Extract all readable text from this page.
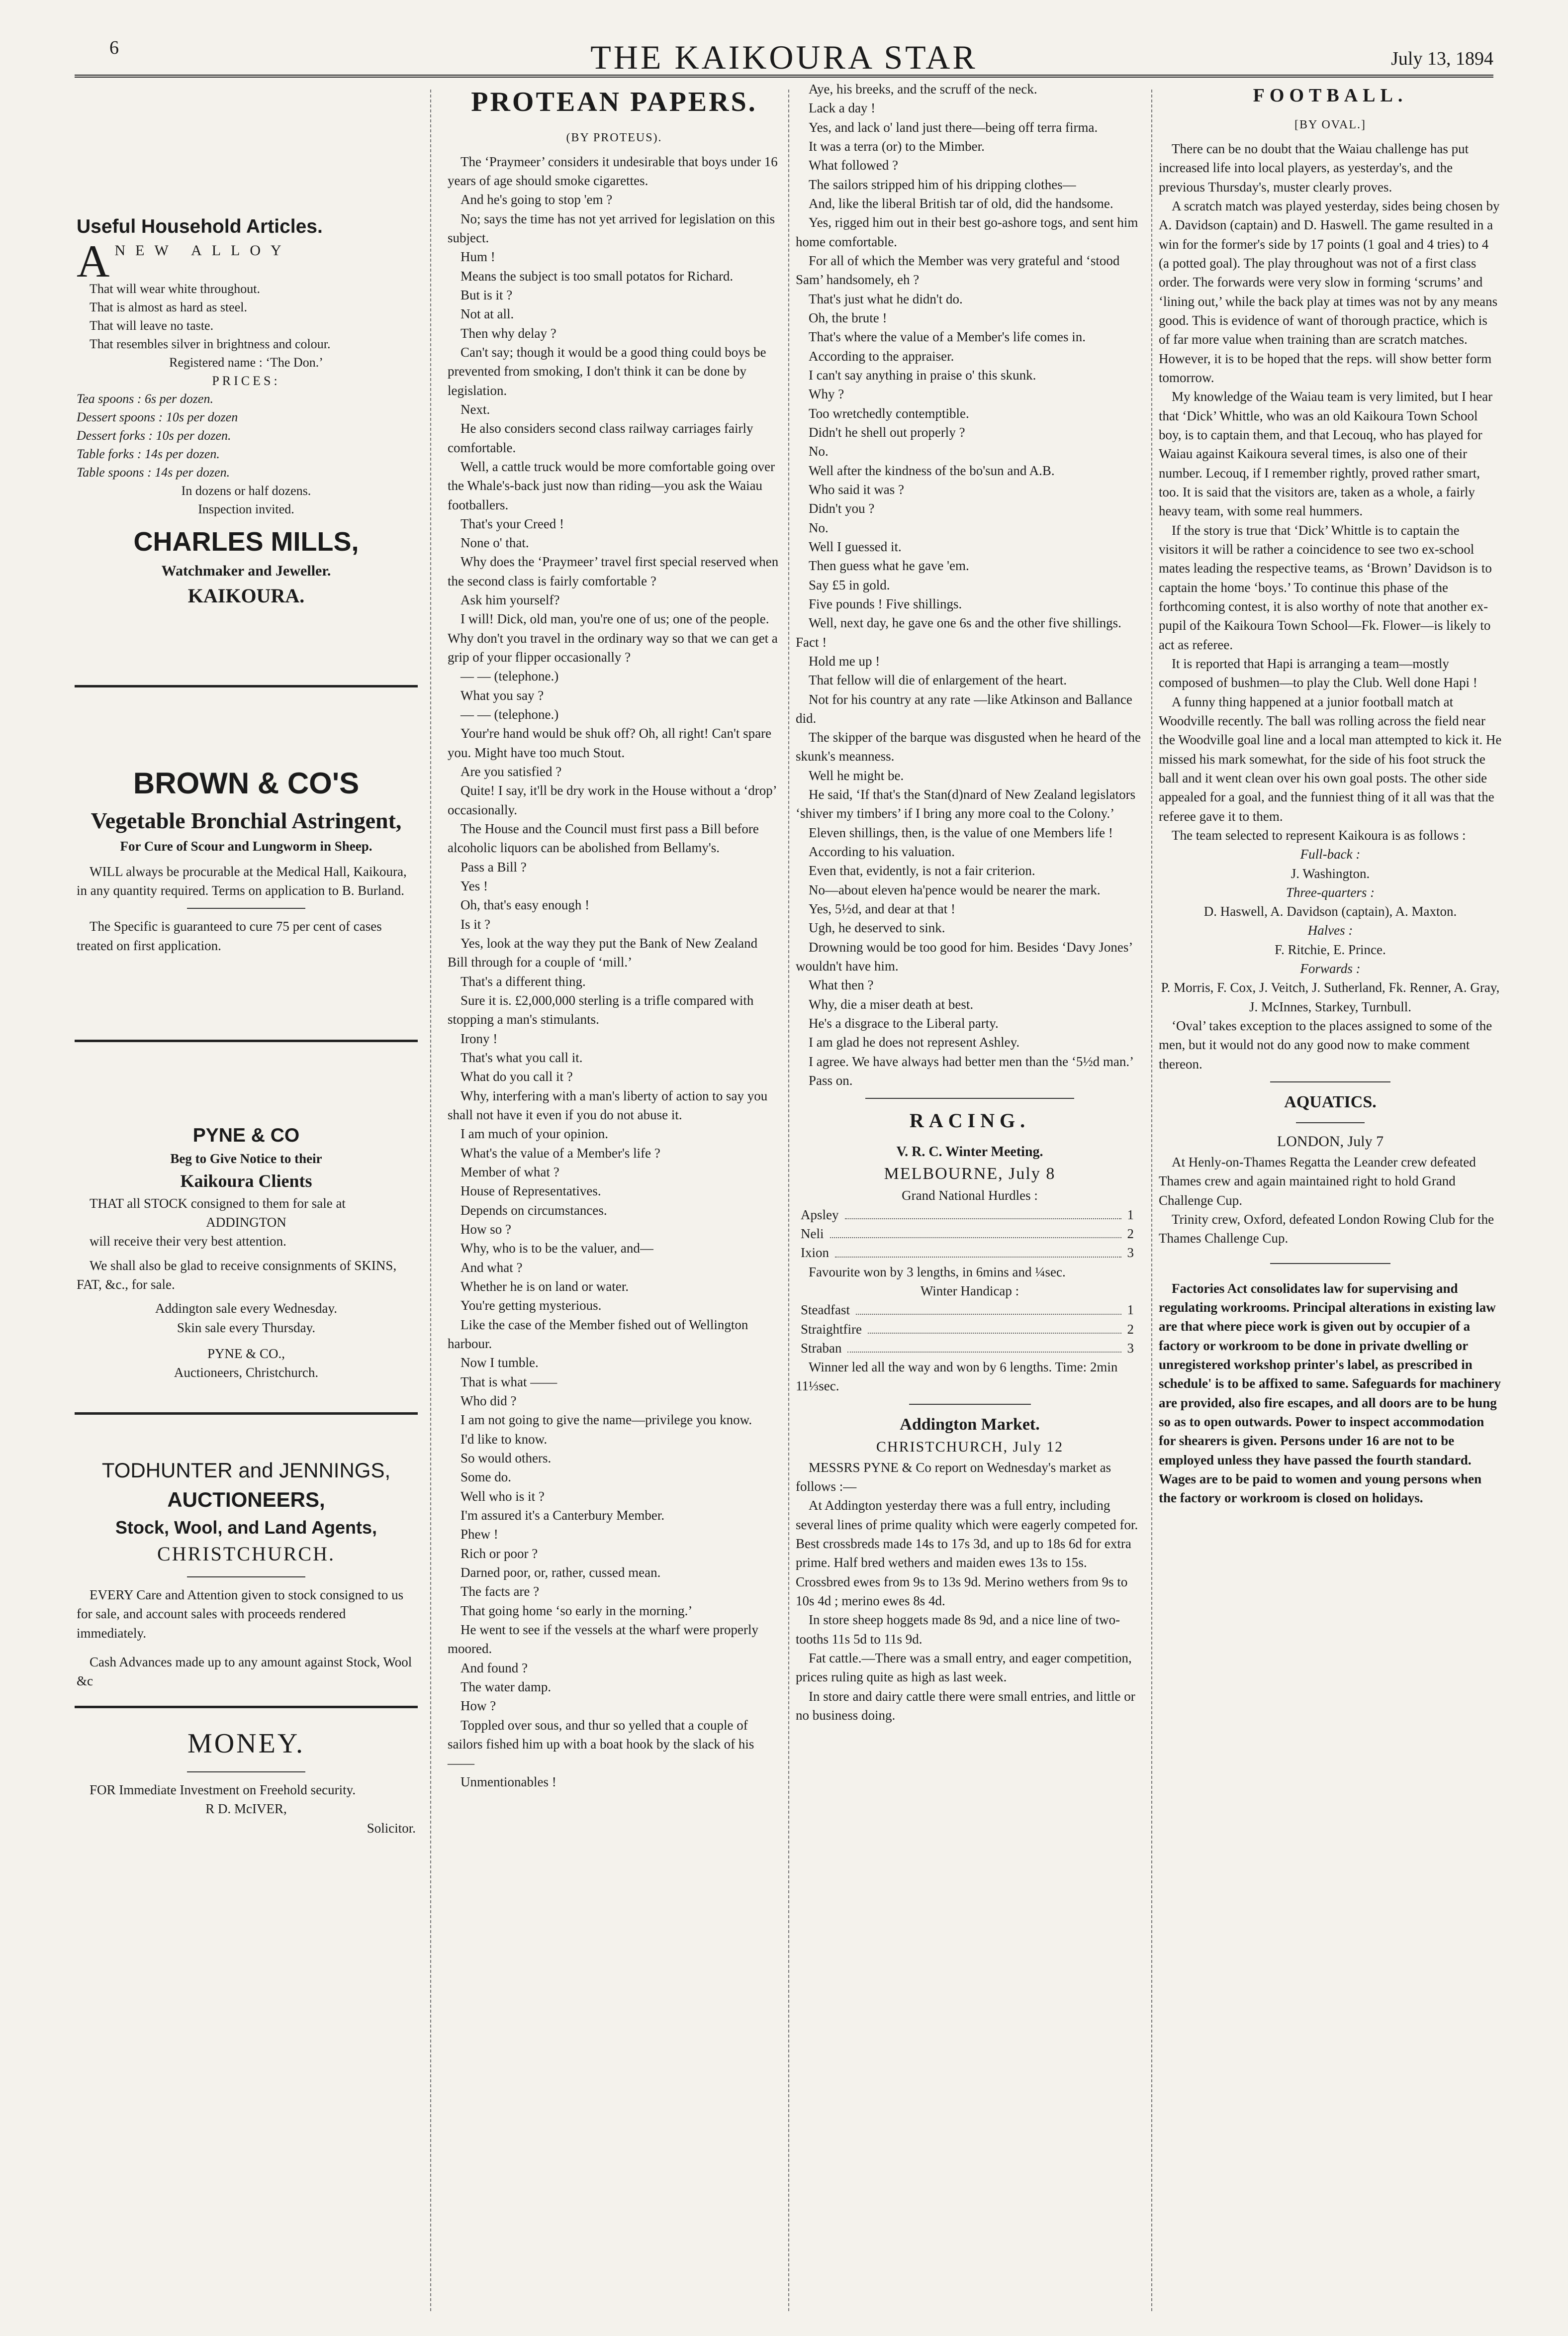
6	THE KAIKOURA STAR	July 13, 1894
Useful Household Articles.

ANEW ALLOY

That will wear white throughout.

That is almost as hard as steel.

That will leave no taste.

That resembles silver in brightness and colour.

Registered name : ‘The Don.’

PRICES:

Tea spoons : 6s per dozen.

Dessert spoons : 10s per dozen

Dessert forks : 10s per dozen.

Table forks : 14s per dozen.

Table spoons : 14s per dozen.

In dozens or half dozens.

Inspection invited.

CHARLES MILLS,
Watchmaker and Jeweller.
KAIKOURA.
BROWN & CO'S
Vegetable Bronchial Astringent,
For Cure of Scour and Lungworm in Sheep.

WILL always be procurable at the Medical Hall, Kaikoura, in any quantity required. Terms on application to B. Burland.

The Specific is guaranteed to cure 75 per cent of cases treated on first application.

PYNE & CO
Beg to Give Notice to their
Kaikoura Clients

THAT all STOCK consigned to them for sale at

ADDINGTON

will receive their very best attention.

We shall also be glad to receive consignments of SKINS, FAT, &c., for sale.

Addington sale every Wednesday.

Skin sale every Thursday.

PYNE & CO.,

Auctioneers, Christchurch.

TODHUNTER and JENNINGS,
AUCTIONEERS,
Stock, Wool, and Land Agents,
CHRISTCHURCH.

EVERY Care and Attention given to stock consigned to us for sale, and account sales with proceeds rendered immediately.

Cash Advances made up to any amount against Stock, Wool &c

MONEY.

FOR Immediate Investment on Freehold security.

R D. McIVER,

Solicitor.

PROTEAN PAPERS.
(BY PROTEUS).

The ‘Praymeer’ considers it undesirable that boys under 16 years of age should smoke cigarettes.

And he's going to stop 'em ?

No; says the time has not yet arrived for legislation on this subject.

Hum !

Means the subject is too small potatos for Richard.

But is it ?

Not at all.

Then why delay ?

Can't say; though it would be a good thing could boys be prevented from smoking, I don't think it can be done by legislation.

Next.

He also considers second class railway carriages fairly comfortable.

Well, a cattle truck would be more comfortable going over the Whale's-back just now than riding—you ask the Waiau footballers.

That's your Creed !

None o' that.

Why does the ‘Praymeer’ travel first special reserved when the second class is fairly comfortable ?

Ask him yourself?

I will! Dick, old man, you're one of us; one of the people. Why don't you travel in the ordinary way so that we can get a grip of your flipper occasionally ?

— — (telephone.)

What you say ?

— — (telephone.)

Your're hand would be shuk off? Oh, all right! Can't spare you. Might have too much Stout.

Are you satisfied ?

Quite! I say, it'll be dry work in the House without a ‘drop’ occasionally.

The House and the Council must first pass a Bill before alcoholic liquors can be abolished from Bellamy's.

Pass a Bill ?

Yes !

Oh, that's easy enough !

Is it ?

Yes, look at the way they put the Bank of New Zealand Bill through for a couple of ‘mill.’

That's a different thing.

Sure it is. £2,000,000 sterling is a trifle compared with stopping a man's stimulants.

Irony !

That's what you call it.

What do you call it ?

Why, interfering with a man's liberty of action to say you shall not have it even if you do not abuse it.

I am much of your opinion.

What's the value of a Member's life ?

Member of what ?

House of Representatives.

Depends on circumstances.

How so ?

Why, who is to be the valuer, and—

And what ?

Whether he is on land or water.

You're getting mysterious.

Like the case of the Member fished out of Wellington harbour.

Now I tumble.

That is what ——

Who did ?

I am not going to give the name—privilege you know.

I'd like to know.

So would others.

Some do.

Well who is it ?

I'm assured it's a Canterbury Member.

Phew !

Rich or poor ?

Darned poor, or, rather, cussed mean.

The facts are ?

That going home ‘so early in the morning.’

He went to see if the vessels at the wharf were properly moored.

And found ?

The water damp.

How ?

Toppled over sous, and thur so yelled that a couple of sailors fished him up with a boat hook by the slack of his——

Unmentionables !

Aye, his breeks, and the scruff of the neck.

Lack a day !

Yes, and lack o' land just there—being off terra firma.

It was a terra (or) to the Mimber.

What followed ?

The sailors stripped him of his dripping clothes—

And, like the liberal British tar of old, did the handsome.

Yes, rigged him out in their best go-ashore togs, and sent him home comfortable.

For all of which the Member was very grateful and ‘stood Sam’ handsomely, eh ?

That's just what he didn't do.

Oh, the brute !

That's where the value of a Member's life comes in.

According to the appraiser.

I can't say anything in praise o' this skunk.

Why ?

Too wretchedly contemptible.

Didn't he shell out properly ?

No.

Well after the kindness of the bo'sun and A.B.

Who said it was ?

Didn't you ?

No.

Well I guessed it.

Then guess what he gave 'em.

Say £5 in gold.

Five pounds ! Five shillings.

Well, next day, he gave one 6s and the other five shillings. Fact !

Hold me up !

That fellow will die of enlargement of the heart.

Not for his country at any rate —like Atkinson and Ballance did.

The skipper of the barque was disgusted when he heard of the skunk's meanness.

Well he might be.

He said, ‘If that's the Stan(d)nard of New Zealand legislators ‘shiver my timbers’ if I bring any more coal to the Colony.’

Eleven shillings, then, is the value of one Members life !

According to his valuation.

Even that, evidently, is not a fair criterion.

No—about eleven ha'pence would be nearer the mark.

Yes, 5½d, and dear at that !

Ugh, he deserved to sink.

Drowning would be too good for him. Besides ‘Davy Jones’ wouldn't have him.

What then ?

Why, die a miser death at best.

He's a disgrace to the Liberal party.

I am glad he does not represent Ashley.

I agree. We have always had better men than the ‘5½d man.’

Pass on.

RACING.
V. R. C. Winter Meeting.
MELBOURNE, July 8
Grand National Hurdles :
Apsley	1
Neli	2
Ixion	3

Favourite won by 3 lengths, in 6mins and ¼sec.

Winter Handicap :
Steadfast	1
Straightfire	2
Straban	3

Winner led all the way and won by 6 lengths. Time: 2min 11⅓sec.

Addington Market.
CHRISTCHURCH, July 12

MESSRS PYNE & Co report on Wednesday's market as follows :—

At Addington yesterday there was a full entry, including several lines of prime quality which were eagerly competed for. Best crossbreds made 14s to 17s 3d, and up to 18s 6d for extra prime. Half bred wethers and maiden ewes 13s to 15s. Crossbred ewes from 9s to 13s 9d. Merino wethers from 9s to 10s 4d ; merino ewes 8s 4d.

In store sheep hoggets made 8s 9d, and a nice line of two-tooths 11s 5d to 11s 9d.

Fat cattle.—There was a small entry, and eager competition, prices ruling quite as high as last week.

In store and dairy cattle there were small entries, and little or no business doing.

FOOTBALL.
[BY OVAL.]

There can be no doubt that the Waiau challenge has put increased life into local players, as yesterday's, and the previous Thursday's, muster clearly proves.

A scratch match was played yesterday, sides being chosen by A. Davidson (captain) and D. Haswell. The game resulted in a win for the former's side by 17 points (1 goal and 4 tries) to 4 (a potted goal). The play throughout was not of a first class order. The forwards were very slow in forming ‘scrums’ and ‘lining out,’ while the back play at times was not by any means good. This is evidence of want of thorough practice, which is of far more value when training than are scratch matches. However, it is to be hoped that the reps. will show better form tomorrow.

My knowledge of the Waiau team is very limited, but I hear that ‘Dick’ Whittle, who was an old Kaikoura Town School boy, is to captain them, and that Lecouq, who has played for Waiau against Kaikoura several times, is also one of their number. Lecouq, if I remember rightly, proved rather smart, too. It is said that the visitors are, taken as a whole, a fairly heavy team, with some real hummers.

If the story is true that ‘Dick’ Whittle is to captain the visitors it will be rather a coincidence to see two ex-school mates leading the respective teams, as ‘Brown’ Davidson is to captain the home ‘boys.’ To continue this phase of the forthcoming contest, it is also worthy of note that another ex-pupil of the Kaikoura Town School—Fk. Flower—is likely to act as referee.

It is reported that Hapi is arranging a team—mostly composed of bushmen—to play the Club. Well done Hapi !

A funny thing happened at a junior football match at Woodville recently. The ball was rolling across the field near the Woodville goal line and a local man attempted to kick it. He missed his mark somewhat, for the side of his foot struck the ball and it went clean over his own goal posts. The other side appealed for a goal, and the funniest thing of it all was that the referee gave it to them.

The team selected to represent Kaikoura is as follows :

Full-back :

J. Washington.

Three-quarters :

D. Haswell, A. Davidson (captain), A. Maxton.

Halves :

F. Ritchie, E. Prince.

Forwards :

P. Morris, F. Cox, J. Veitch, J. Sutherland, Fk. Renner, A. Gray, J. McInnes, Starkey, Turnbull.

‘Oval’ takes exception to the places assigned to some of the men, but it would not do any good now to make comment thereon.

AQUATICS.
LONDON, July 7

At Henly-on-Thames Regatta the Leander crew defeated Thames crew and again maintained right to hold Grand Challenge Cup.

Trinity crew, Oxford, defeated London Rowing Club for the Thames Challenge Cup.

Factories Act consolidates law for supervising and regulating workrooms. Principal alterations in existing law are that where piece work is given out by occupier of a factory or workroom to be done in private dwelling or unregistered workshop printer's label, as prescribed in schedule' is to be affixed to same. Safeguards for machinery are provided, also fire escapes, and all doors are to be hung so as to open outwards. Power to inspect accommodation for shearers is given. Persons under 16 are not to be employed unless they have passed the fourth standard. Wages are to be paid to women and young persons when the factory or workroom is closed on holidays.
